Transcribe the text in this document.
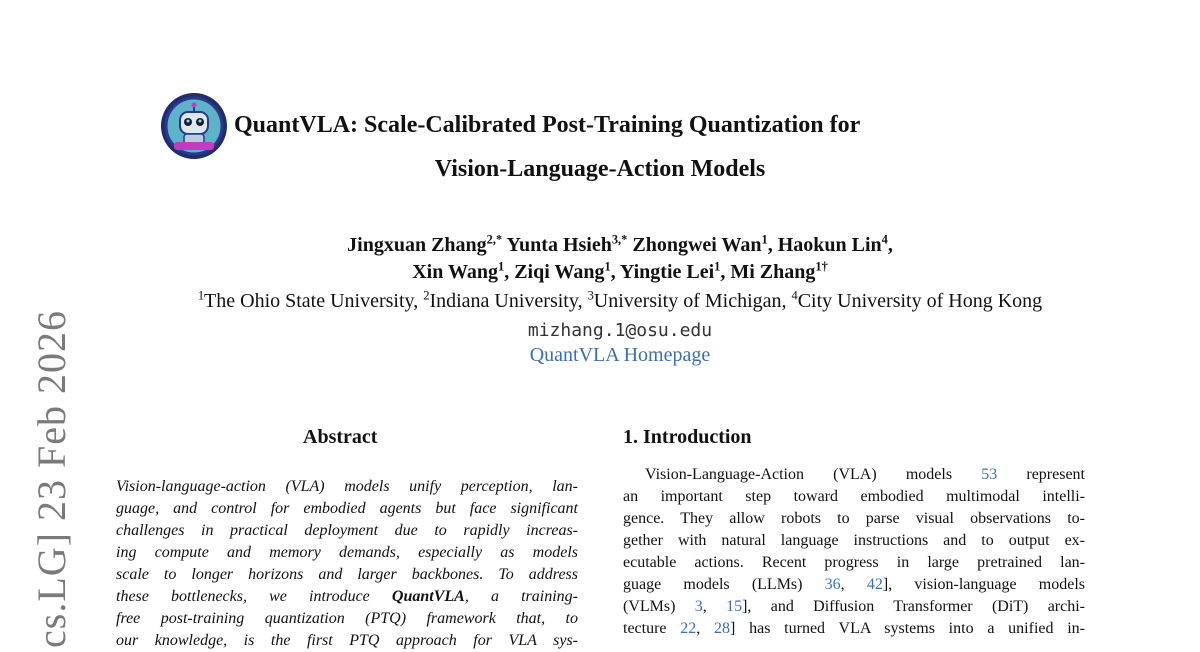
cs.LG] 23 Feb 2026
QuantVLA: Scale-Calibrated Post-Training Quantization for
Vision-Language-Action Models
Jingxuan Zhang$^{2,*}$ Yunta Hsieh$^{3,*}$ Zhongwei Wan$^1$, Haokun Lin$^4$,
Xin Wang$^1$, Ziqi Wang$^1$, Yingtie Lei$^1$, Mi Zhang$^{1\dagger}$
$^1$The Ohio State University, $^2$Indiana University, $^3$University of Michigan, $^4$City University of Hong Kong
mizhang.1@osu.edu
QuantVLA Homepage
Abstract	1. Introduction
Vision-language-action (VLA) models unify perception, lan-
guage, and control for embodied agents but face significant
challenges in practical deployment due to rapidly increas-
ing compute and memory demands, especially as models
scale to longer horizons and larger backbones. To address
these bottlenecks, we introduce QuantVLA, a training-
free post-training quantization (PTQ) framework that, to
our knowledge, is the first PTQ approach for VLA sys-
Vision-Language-Action (VLA) models 53 represent
an important step toward embodied multimodal intelli-
gence. They allow robots to parse visual observations to-
gether with natural language instructions and to output ex-
ecutable actions. Recent progress in large pretrained lan-
guage models (LLMs) 36, 42], vision-language models
(VLMs) 3, 15], and Diffusion Transformer (DiT) archi-
tecture 22, 28] has turned VLA systems into a unified in-
